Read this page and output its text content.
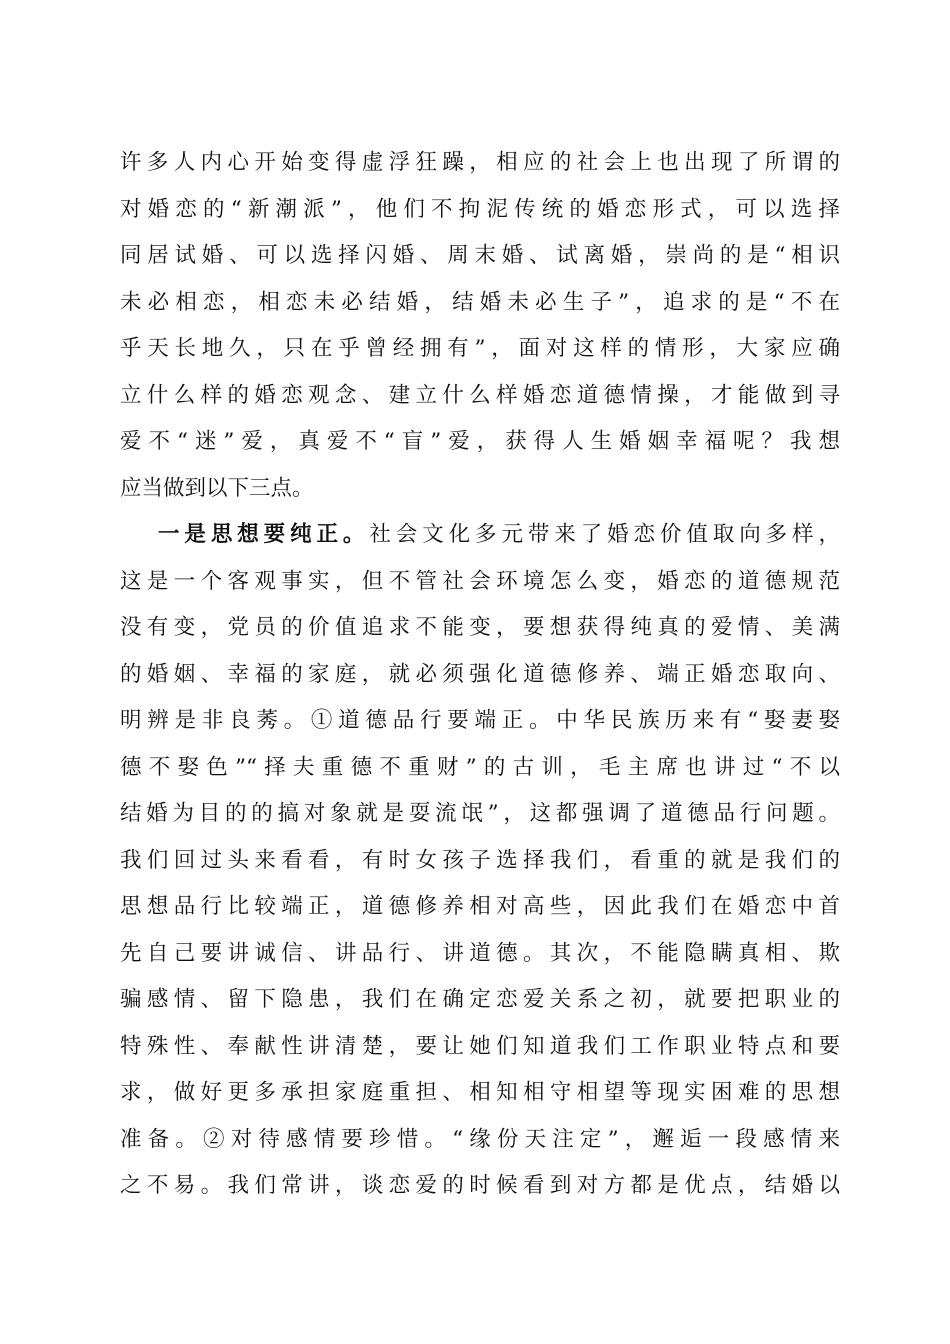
许多人内心开始变得虚浮狂躁，相应的社会上也出现了所谓的
对婚恋的“新潮派”，他们不拘泥传统的婚恋形式，可以选择
同居试婚、可以选择闪婚、周末婚、试离婚，崇尚的是“相识
未必相恋，相恋未必结婚，结婚未必生子”，追求的是“不在
乎天长地久，只在乎曾经拥有”，面对这样的情形，大家应确
立什么样的婚恋观念、建立什么样婚恋道德情操，才能做到寻
爱不“迷”爱，真爱不“盲”爱，获得人生婚姻幸福呢？我想
应当做到以下三点。
一是思想要纯正。社会文化多元带来了婚恋价值取向多样，
这是一个客观事实，但不管社会环境怎么变，婚恋的道德规范
没有变，党员的价值追求不能变，要想获得纯真的爱情、美满
的婚姻、幸福的家庭，就必须强化道德修养、端正婚恋取向、
明辨是非良莠。①道德品行要端正。中华民族历来有“娶妻娶
德不娶色”“择夫重德不重财”的古训，毛主席也讲过“不以
结婚为目的的搞对象就是耍流氓”，这都强调了道德品行问题。
我们回过头来看看，有时女孩子选择我们，看重的就是我们的
思想品行比较端正，道德修养相对高些，因此我们在婚恋中首
先自己要讲诚信、讲品行、讲道德。其次，不能隐瞒真相、欺
骗感情、留下隐患，我们在确定恋爱关系之初，就要把职业的
特殊性、奉献性讲清楚，要让她们知道我们工作职业特点和要
求，做好更多承担家庭重担、相知相守相望等现实困难的思想
准备。②对待感情要珍惜。“缘份天注定”，邂逅一段感情来
之不易。我们常讲，谈恋爱的时候看到对方都是优点，结婚以
